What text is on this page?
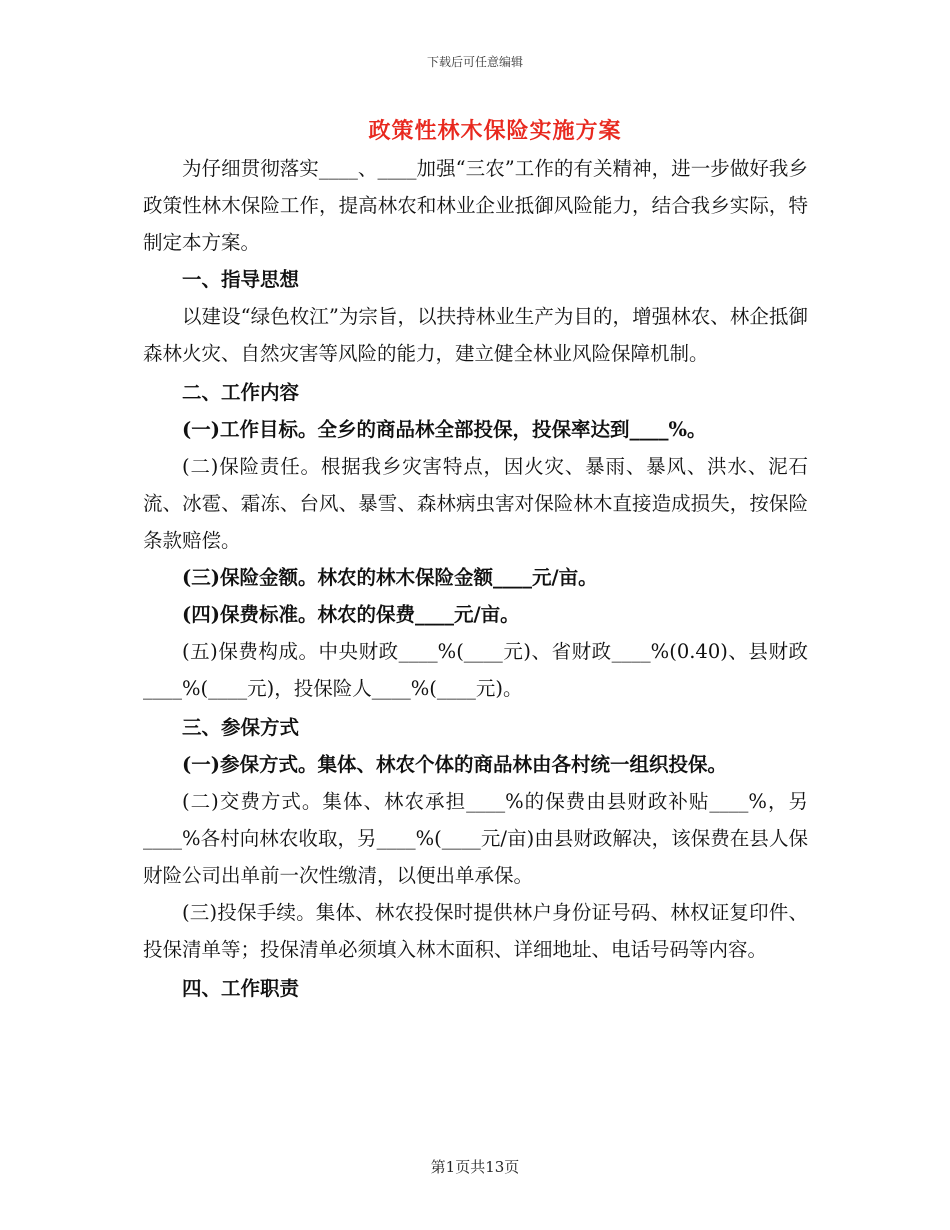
下载后可任意编辑
政策性林木保险实施方案

为仔细贯彻落实____、____加强“三农”工作的有关精神，进一步做好我乡政策性林木保险工作，提高林农和林业企业抵御风险能力，结合我乡实际，特制定本方案。

一、指导思想

以建设“绿色枚江”为宗旨，以扶持林业生产为目的，增强林农、林企抵御森林火灾、自然灾害等风险的能力，建立健全林业风险保障机制。

二、工作内容

(一)工作目标。全乡的商品林全部投保，投保率达到____%。

(二)保险责任。根据我乡灾害特点，因火灾、暴雨、暴风、洪水、泥石流、冰雹、霜冻、台风、暴雪、森林病虫害对保险林木直接造成损失，按保险条款赔偿。

(三)保险金额。林农的林木保险金额____元/亩。

(四)保费标准。林农的保费____元/亩。

(五)保费构成。中央财政____%(____元)、省财政____%(0.40)、县财政____%(____元)，投保险人____%(____元)。

三、参保方式

(一)参保方式。集体、林农个体的商品林由各村统一组织投保。

(二)交费方式。集体、林农承担____%的保费由县财政补贴____%，另____%各村向林农收取，另____%(____元/亩)由县财政解决，该保费在县人保财险公司出单前一次性缴清，以便出单承保。

(三)投保手续。集体、林农投保时提供林户身份证号码、林权证复印件、投保清单等；投保清单必须填入林木面积、详细地址、电话号码等内容。

四、工作职责

第1页共13页
